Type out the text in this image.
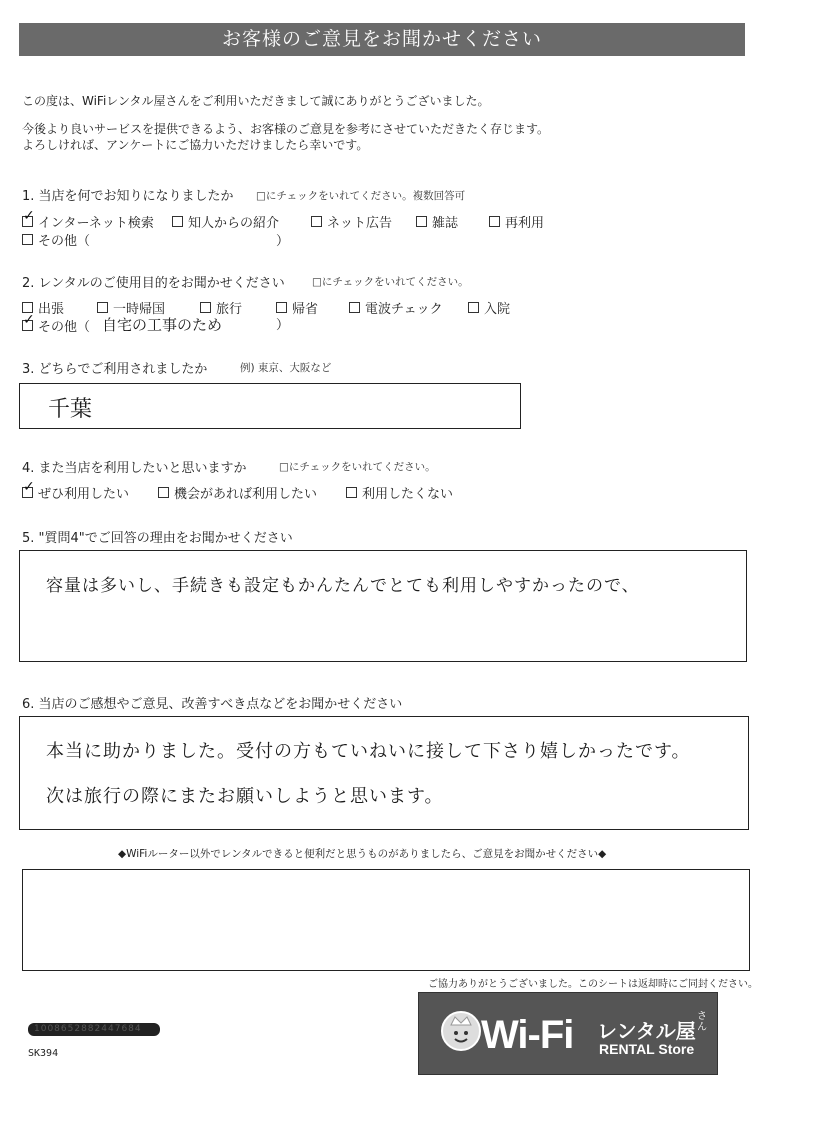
お客様のご意見をお聞かせください
この度は、WiFiレンタル屋さんをご利用いただきまして誠にありがとうございました。
今後より良いサービスを提供できるよう、お客様のご意見を参考にさせていただきたく存じます。
よろしければ、アンケートにご協力いただけましたら幸いです。
1. 当店を何でお知りになりましたか □にチェックをいれてください。複数回答可
✓
インターネット検索	知人からの紹介	ネット広告	雑誌	再利用
その他（	）
2. レンタルのご使用目的をお聞かせください	□にチェックをいれてください。
出張	一時帰国	旅行	帰省	電波チェック	入院
✓
その他（ 自宅の工事のため	）
3. どちらでご利用されましたか	例) 東京、大阪など
千葉
4. また当店を利用したいと思いますか	□にチェックをいれてください。
✓
ぜひ利用したい	機会があれば利用したい	利用したくない
5. "質問4"でご回答の理由をお聞かせください
容量は多いし、手続きも設定もかんたんでとても利用しやすかったので、
6. 当店のご感想やご意見、改善すべき点などをお聞かせください
本当に助かりました。受付の方もていねいに接して下さり嬉しかったです。
次は旅行の際にまたお願いしようと思います。
◆WiFiルーター以外でレンタルできると便利だと思うものがありましたら、ご意見をお聞かせください◆
ご協力ありがとうございました。このシートは返却時にご同封ください。
1008652882447684
SK394	Wi-Fi レンタル屋
さん
RENTAL Store
